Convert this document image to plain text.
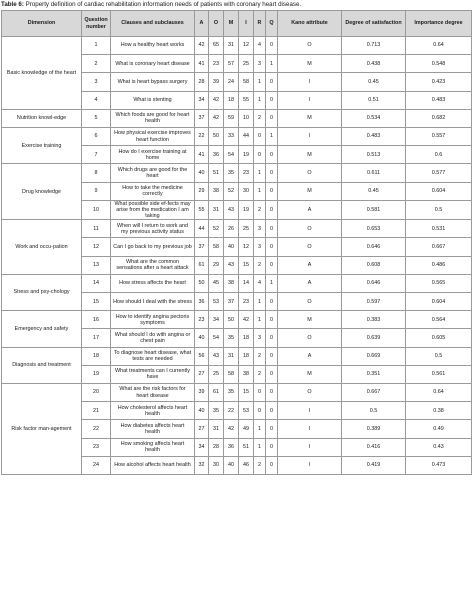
Table 6: Property definition of cardiac rehabilitation information needs of patients with coronary heart disease.
Dimension	Question number	Clauses and subclauses	A	O	M	I	R	Q	Kano attribute	Degree of satisfaction	Importance degree
Basic knowledge of the heart	1	How a healthy heart works	42	65	31	12	4	0	O	0.713	0.64
	2	What is coronary heart disease	41	23	57	25	3	1	M	0.438	0.548
	3	What is heart bypass surgery	28	39	24	58	1	0	I	0.45	0.423
	4	What is stenting	34	42	18	55	1	0	I	0.51	0.483
Nutrition knowl-edge	5	Which foods are good for heart health	37	42	59	10	2	0	M	0.534	0.682
Exercise training	6	How physical exercise improves heart function	22	50	33	44	0	1	I	0.483	0.557
	7	How do I exercise training at home	41	36	54	19	0	0	M	0.513	0.6
Drug knowledge	8	Which drugs are good for the heart	40	51	35	23	1	0	O	0.611	0.577
	9	How to take the medicine correctly	29	38	52	30	1	0	M	0.45	0.604
	10	What possible side ef-fects may arise from the medication I am taking	55	31	43	19	2	0	A	0.581	0.5
Work and occu-pation	11	When will I return to work and my previous activity status	44	52	26	25	3	0	O	0.653	0.531
	12	Can I go back to my previous job	37	58	40	12	3	0	O	0.646	0.667
	13	What are the common sensations after a heart attack	61	29	43	15	2	0	A	0.608	0.486
Stress and psy-chology	14	How stress affects the heart	50	45	38	14	4	1	A	0.646	0.565
	15	How should I deal with the stress	36	53	37	23	1	0	O	0.597	0.604
Emergency and safety	16	How to identify angina pectoris symptoms	23	34	50	42	1	0	M	0.383	0.564
	17	What should I do with angina or chest pain	40	54	35	18	3	0	O	0.639	0.605
Diagnosis and treatment	18	To diagnose heart disease, what tests are needed	56	43	31	18	2	0	A	0.669	0.5
	19	What treatments can I currently have	27	25	58	38	2	0	M	0.351	0.561
Risk factor man-agement	20	What are the risk factors for heart disease	39	61	35	15	0	0	O	0.667	0.64
	21	How cholesterol affects heart health	40	35	22	53	0	0	I	0.5	0.38
	22	How diabetes affects heart health	27	31	42	49	1	0	I	0.389	0.49
	23	How smoking affects heart health	34	28	36	51	1	0	I	0.416	0.43
	24	How alcohol affects heart health	32	30	40	46	2	0	I	0.419	0.473
